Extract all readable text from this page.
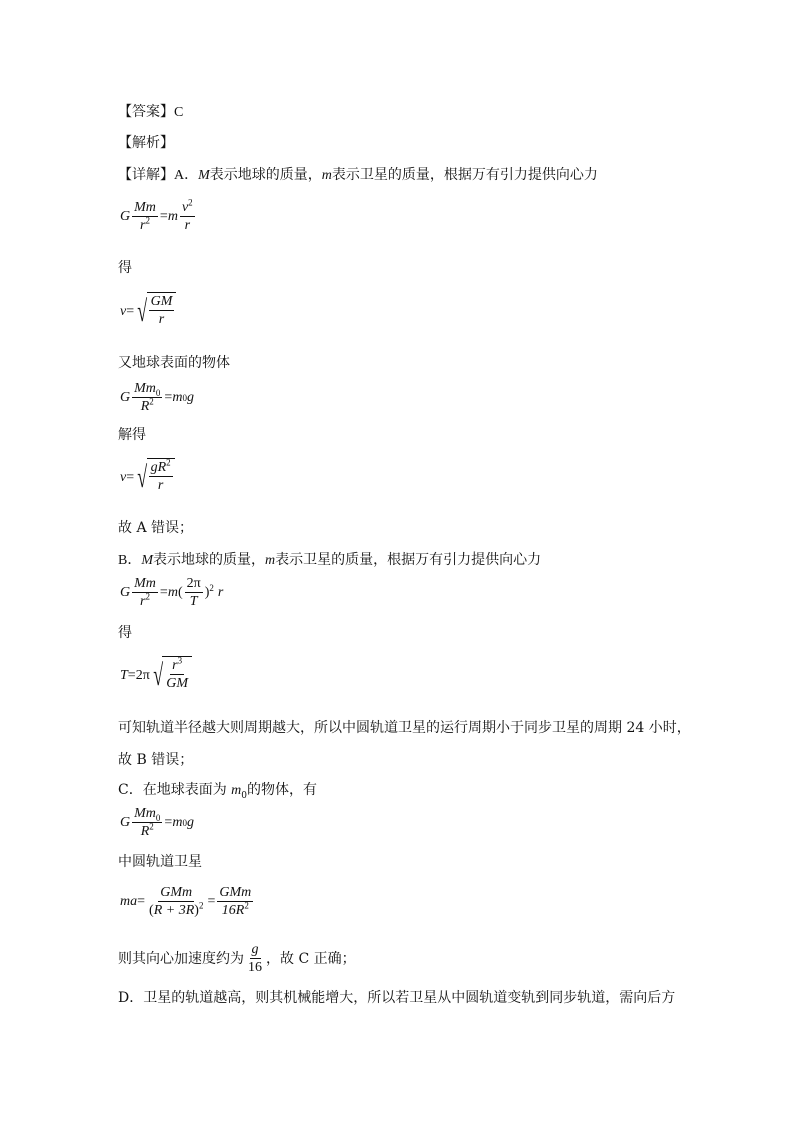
【答案】C
【解析】
【详解】A．M表示地球的质量，m表示卫星的质量，根据万有引力提供向心力
G $\frac{Mm}{r^2} = m \frac{v^2}{r}$
得
v = √ $\frac{GM}{r}$
又地球表面的物体
G $\frac{Mm_0}{R^2} = m$ 0 g
解得
v = √ $\frac{gR^2}{r}$
故 A 错误；
B．M表示地球的质量，m表示卫星的质量，根据万有引力提供向心力
G $\frac{Mm}{r^2} = m$ ( $\frac{2\pi}{T}$ ) 2 r
得
T = 2π √ $\frac{r^3}{GM}$
可知轨道半径越大则周期越大，所以中圆轨道卫星的运行周期小于同步卫星的周期 24 小时，
故 B 错误；
C．在地球表面为 $m_0$的物体，有
G $\frac{Mm_0}{R^2} = m$ 0 g
中圆轨道卫星
ma = $\frac{\text{GMm}}{(R + 3R)^2} = \frac{\text{GMm}}{16R^2}$
则其向心加速度约为 $\frac{g}{16}$ ，故 C 正确；
D．卫星的轨道越高，则其机械能增大，所以若卫星从中圆轨道变轨到同步轨道，需向后方
